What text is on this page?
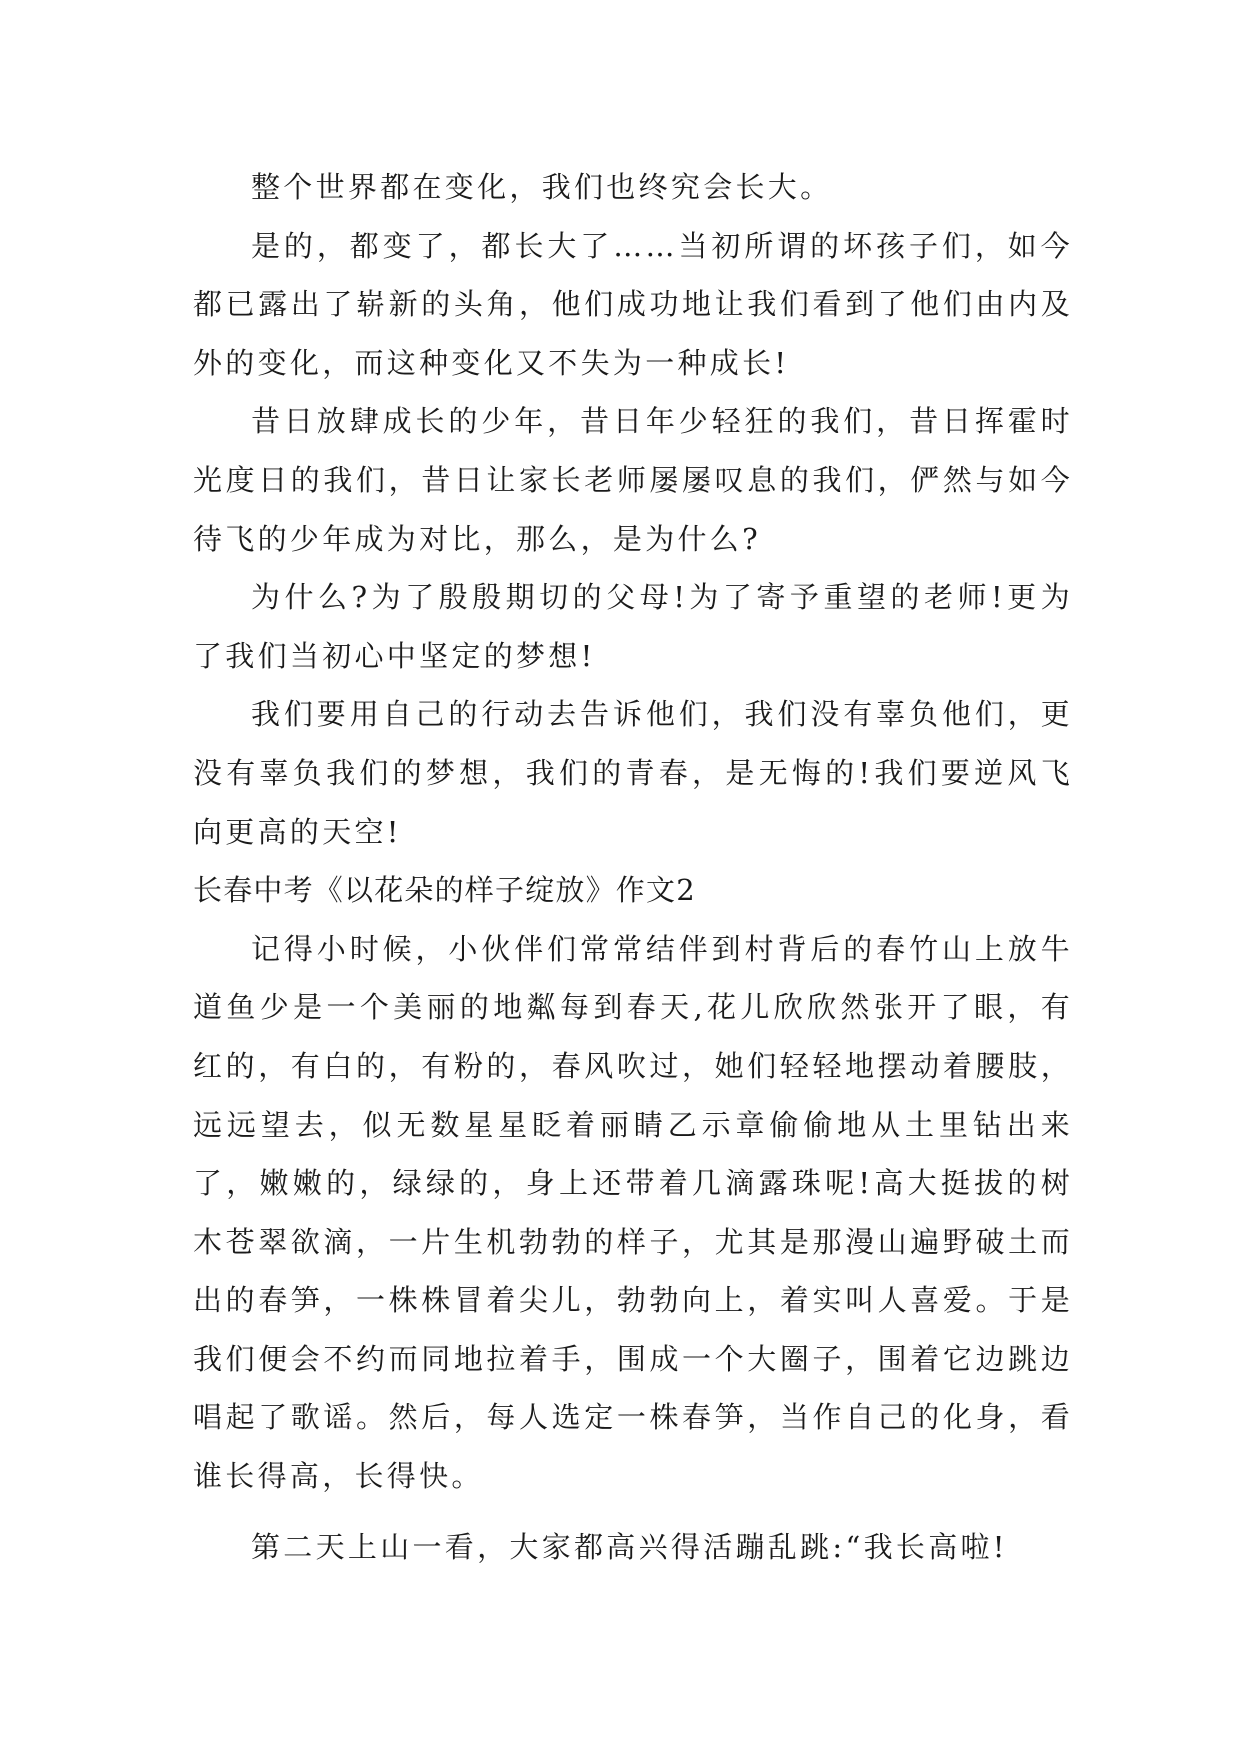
整个世界都在变化，我们也终究会长大。

是的，都变了，都长大了……当初所谓的坏孩子们，如今都已露出了崭新的头角，他们成功地让我们看到了他们由内及外的变化，而这种变化又不失为一种成长!

昔日放肆成长的少年，昔日年少轻狂的我们，昔日挥霍时光度日的我们，昔日让家长老师屡屡叹息的我们，俨然与如今待飞的少年成为对比，那么，是为什么?

为什么?为了殷殷期切的父母!为了寄予重望的老师!更为了我们当初心中坚定的梦想!

我们要用自己的行动去告诉他们，我们没有辜负他们，更没有辜负我们的梦想，我们的青春，是无悔的!我们要逆风飞向更高的天空!

长春中考《以花朵的样子绽放》作文2

记得小时候，小伙伴们常常结伴到村背后的春竹山上放牛道鱼少是一个美丽的地粼每到春天,花儿欣欣然张开了眼，有红的，有白的，有粉的，春风吹过，她们轻轻地摆动着腰肢，远远望去，似无数星星眨着丽睛乙示章偷偷地从土里钻出来了，嫩嫩的，绿绿的，身上还带着几滴露珠呢!高大挺拔的树木苍翠欲滴，一片生机勃勃的样子，尤其是那漫山遍野破土而出的春笋，一株株冒着尖儿，勃勃向上，着实叫人喜爱。于是我们便会不约而同地拉着手，围成一个大圈子，围着它边跳边唱起了歌谣。然后，每人选定一株春笋，当作自己的化身，看谁长得高，长得快。

第二天上山一看，大家都高兴得活蹦乱跳:“我长高啦!
